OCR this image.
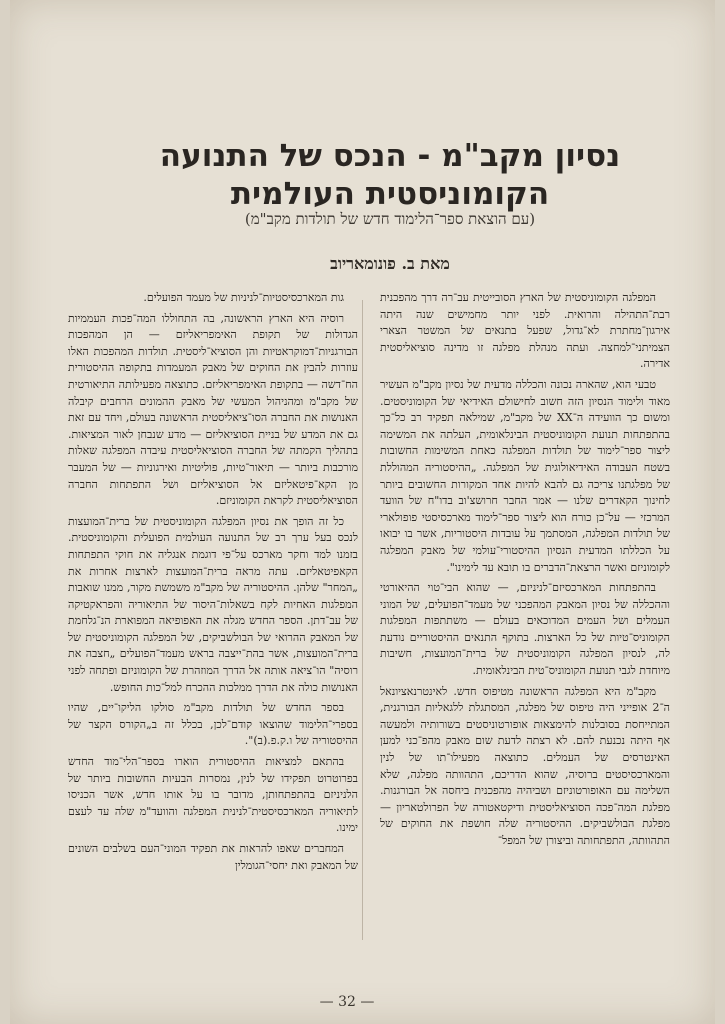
נסיון מקב"מ - הנכס של התנועה
הקומוניסטית העולמית

(עם הוצאת ספר־הלימוד חדש של תולדות מקב"מ)

מאת ב. פונומאריוב

המפלגה הקומוניסטית של הארץ הסובייטית עב־רה דרך מהפכנית רבת־התהילה והרואית. לפני יותר מחמישים שנה היתה אירגון־מחתרת לא־גדול, שפעל בתנאים של המשטר הצארי הצמיתני־למחצה. ועתה מנהלת מפלגה זו מדינה סוציאליסטית אדירה.

טבעי הוא, שהארה נכונה והכללה מדעית של נסיון מקב"מ העשיר מאוד ולימוד הנסיון הזה חשוב לחישולם האידיאי של הקומוניסטים. ומשום כך הוועידה ה־XX של מקב"מ, שמילאה תפקיד רב כל־כך בהתפתחות תנועת הקומוניסטית הבינלאומית, העלתה את המשימה ליצור ספר־לימוד של תולדות המפלגה כאחת המשימות החשובות בשטח העבודה האידיאולוגית של המפלגה. „ההיסטוריה המהוללת של מפלגתנו צריכה גם להבא להיות אחד המקורות החשובים ביותר לחינוך הקאדרים שלנו — אמר החבר חרושצ'וב בדו"ח של הוועד המרכזי — על־כן כורח הוא ליצור ספר־לימוד מארכסיסטי פופולארי של תולדות המפלגה, המסתמך על עובדות היסטוריות, אשר בו יבואו על הכללתו המדעית הנסיון ההיסטורי־עולמי של מאבק המפלגה לקומוניזם ואשר הרצאת־הדברים בו תובא עד לימינו".

בהתפתחות המארכסיזם־לניניזם, — שהוא הבי־טוי ההיאורטי וההכללה של נסיון המאבק המהפכני של מעמד־הפועלים, של המוני העמלים ושל העמים המדוכאים בעולם — משתתפות המפלגות הקומוניס־טיות של כל הארצות. בתוקף התנאים ההיסטוריים נודעת לה, לנסיון המפלגה הקומוניסטית של ברית־המועצות, חשיבות מיוחדת לגבי תנועת הקומוניס־טית הבינלאומית.

מקב"מ היא המפלגה הראשונה מטיפוס חדש. לאינטרנאציונאל ה־2 אופייני היה טיפוס של מפלגה, המסתגלת ללגאליות הבורגנית, המתייחסת בסובלנות להימצאות אופורטוניסטים בשורותיה ולמעשה אף היתה נכנעת להם. לא רצתה לדעת שום מאבק מהפ־כני למען האינטרסים של העמלים. כתוצאה מפעילו־תו של לנין והמארכסיסטים ברוסיה, שהוא הדריכם, התהוותה מפלגה, שלא השלימה עם האופורטוניזם ושביהיה מהפכנית ביחסה אל הבורגנות. מפלגת המה־פכה הסוציאליסטית ודיקטאטורה של הפרולטאריון — מפלגת הבולשביקים. ההיסטוריה שלה חושפת את החוקים של התהוותה, התפתחותה וביצורן של המפל־

גות המארכסיסטיות־לניניות של מעמד הפועלים.

רוסיה היא הארץ הראשונה, בה התחוללו המה־פכות העממיות הגדולות של תקופת האימפריאליזם — הן המהפכות הבורגניות־דמוקראטיות והן הסוציא־ליסטית. תולדות המהפכות האלו עוזרות להבין את החוקים של מאבק המעמדות בתקופה ההיסטורית הח־דשה — בתקופת האימפריאליזם. כתוצאה מפעילותה התיאורטית של מקב"מ ומהניהול המעשי של מאבק ההמונים הרחבים קיבלה האנושות את החברה הסו־ציאליסטית הראשונה בעולם, ויחד עם זאת גם את המדע של בניית הסוציאליזם — מדע שנבחן לאור המציאות. בתהליך הקמתה של החברה הסוציאליסטית עיבדה המפלגה שאלות מורכבות ביותר — תיאור־טיות, פוליטיות ואירגוניות — של המעבר מן הקא־פיטאליזם אל הסוציאליזם ושל התפתחות החברה הסוציאליסטית לקראת הקומוניזם.

כל זה הופך את נסיון המפלגה הקומוניסטית של ברית־המועצות לנכס בעל ערך רב של התנועה העולמית הפועלית והקומוניסטית. בזמנו למד וחקר מארכס על־פי דוגמת אנגליה את חוקי התפתחות הקאפיטאליזם. עתה מראה ברית־המועצות לארצות אחרות את „המחר" שלהן. ההיסטוריה של מקב"מ משמשת מקור, ממנו שואבות המפלגות האחיות לקח בשאלות־היסוד של התיאוריה והפראקטיקה של עב־דתן. הספר החדש מגלה את האפופיאה המפוארת הנ־גלחמת של המאבק ההרואי של הבולשביקים, של המפלגה הקומוניסטית של ברית־המועצות, אשר בהת־ייצבה בראש מעמד־הפועלים „חצבה את רוסיה" הו־ציאה אותה אל הדרך המוזהרת של הקומוניזם ופתחה לפני האנושות כולה את הדרך ממלכות ההכרח למל־כות החופש.

בספר החדש של תולדות מקב"מ סולקו הליקו־יים, שהיו בספרי־הלימוד שהוצאו קודם־לכן, בכלל זה ב„הקורס הקצר של ההיסטוריה של ו.ק.פ.(ב)".

בהתאם למציאות ההיסטורית הוארו בספר־הלי־מוד החדש בפרוטרוט תפקידו של לנין, נמסרות הבעיות החשובות ביותר של הלניניזם בהתפתחותן, מדובר בו על אותו חדש, אשר הכניסו לתיאוריה המארכסיסטית־לנינית המפלגה והוועד"מ שלה עד לעצם ימינו.

המחברים שאפו להראות את תפקיד המוני־העם בשלבים השונים של המאבק ואת יחסי־הגומלין

— 32 —
